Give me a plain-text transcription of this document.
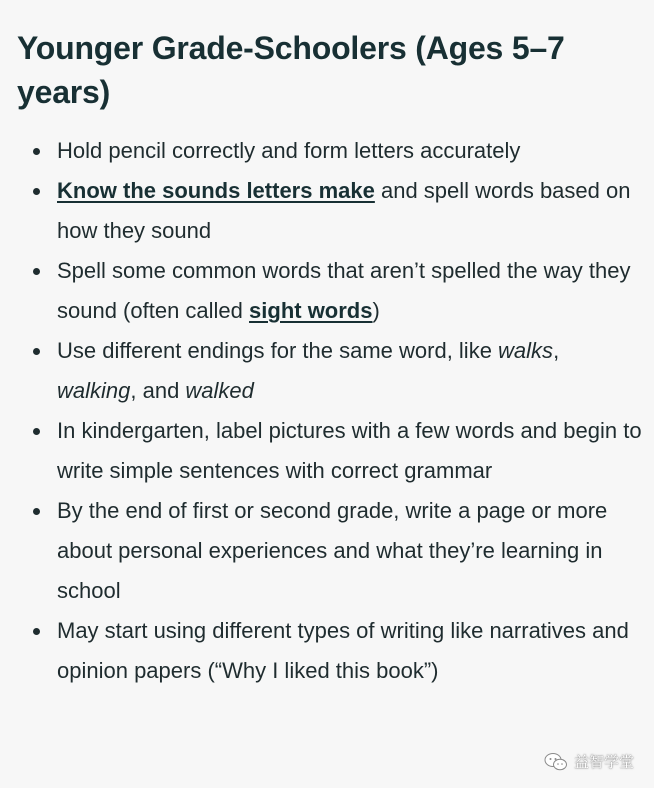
Younger Grade-Schoolers (Ages 5–7 years)
Hold pencil correctly and form letters accurately
Know the sounds letters make and spell words based on how they sound
Spell some common words that aren’t spelled the way they sound (often called sight words)
Use different endings for the same word, like walks, walking, and walked
In kindergarten, label pictures with a few words and begin to write simple sentences with correct grammar
By the end of first or second grade, write a page or more about personal experiences and what they’re learning in school
May start using different types of writing like narratives and opinion papers (“Why I liked this book”)
益智学堂
